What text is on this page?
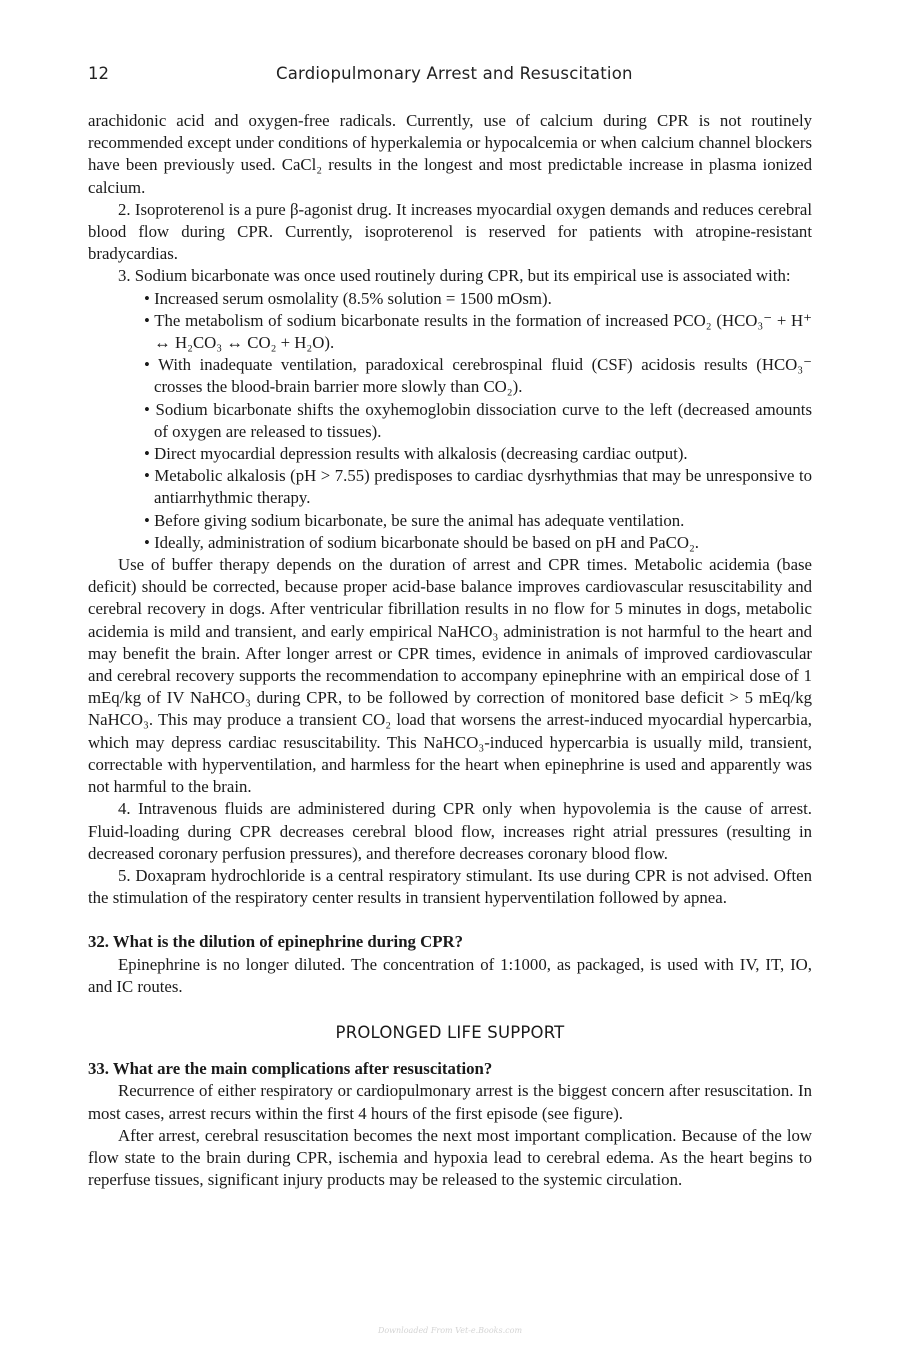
12	Cardiopulmonary Arrest and Resuscitation

arachidonic acid and oxygen-free radicals. Currently, use of calcium during CPR is not routinely recommended except under conditions of hyperkalemia or hypocalcemia or when calcium channel blockers have been previously used. CaCl₂ results in the longest and most predictable increase in plasma ionized calcium.

2. Isoproterenol is a pure β-agonist drug. It increases myocardial oxygen demands and reduces cerebral blood flow during CPR. Currently, isoproterenol is reserved for patients with atropine-resistant bradycardias.

3. Sodium bicarbonate was once used routinely during CPR, but its empirical use is associated with:

• Increased serum osmolality (8.5% solution = 1500 mOsm).
• The metabolism of sodium bicarbonate results in the formation of increased PCO₂ (HCO₃⁻ + H⁺ ↔ H₂CO₃ ↔ CO₂ + H₂O).
• With inadequate ventilation, paradoxical cerebrospinal fluid (CSF) acidosis results (HCO₃⁻ crosses the blood-brain barrier more slowly than CO₂).
• Sodium bicarbonate shifts the oxyhemoglobin dissociation curve to the left (decreased amounts of oxygen are released to tissues).
• Direct myocardial depression results with alkalosis (decreasing cardiac output).
• Metabolic alkalosis (pH > 7.55) predisposes to cardiac dysrhythmias that may be unresponsive to antiarrhythmic therapy.
• Before giving sodium bicarbonate, be sure the animal has adequate ventilation.
• Ideally, administration of sodium bicarbonate should be based on pH and PaCO₂.

Use of buffer therapy depends on the duration of arrest and CPR times. Metabolic acidemia (base deficit) should be corrected, because proper acid-base balance improves cardiovascular resuscitability and cerebral recovery in dogs. After ventricular fibrillation results in no flow for 5 minutes in dogs, metabolic acidemia is mild and transient, and early empirical NaHCO₃ administration is not harmful to the heart and may benefit the brain. After longer arrest or CPR times, evidence in animals of improved cardiovascular and cerebral recovery supports the recommendation to accompany epinephrine with an empirical dose of 1 mEq/kg of IV NaHCO₃ during CPR, to be followed by correction of monitored base deficit > 5 mEq/kg NaHCO₃. This may produce a transient CO₂ load that worsens the arrest-induced myocardial hypercarbia, which may depress cardiac resuscitability. This NaHCO₃-induced hypercarbia is usually mild, transient, correctable with hyperventilation, and harmless for the heart when epinephrine is used and apparently was not harmful to the brain.

4. Intravenous fluids are administered during CPR only when hypovolemia is the cause of arrest. Fluid-loading during CPR decreases cerebral blood flow, increases right atrial pressures (resulting in decreased coronary perfusion pressures), and therefore decreases coronary blood flow.

5. Doxapram hydrochloride is a central respiratory stimulant. Its use during CPR is not advised. Often the stimulation of the respiratory center results in transient hyperventilation followed by apnea.

32. What is the dilution of epinephrine during CPR?

Epinephrine is no longer diluted. The concentration of 1:1000, as packaged, is used with IV, IT, IO, and IC routes.

PROLONGED LIFE SUPPORT

33. What are the main complications after resuscitation?

Recurrence of either respiratory or cardiopulmonary arrest is the biggest concern after resuscitation. In most cases, arrest recurs within the first 4 hours of the first episode (see figure).

After arrest, cerebral resuscitation becomes the next most important complication. Because of the low flow state to the brain during CPR, ischemia and hypoxia lead to cerebral edema. As the heart begins to reperfuse tissues, significant injury products may be released to the systemic circulation.

Downloaded From Vet-e.Books.com
